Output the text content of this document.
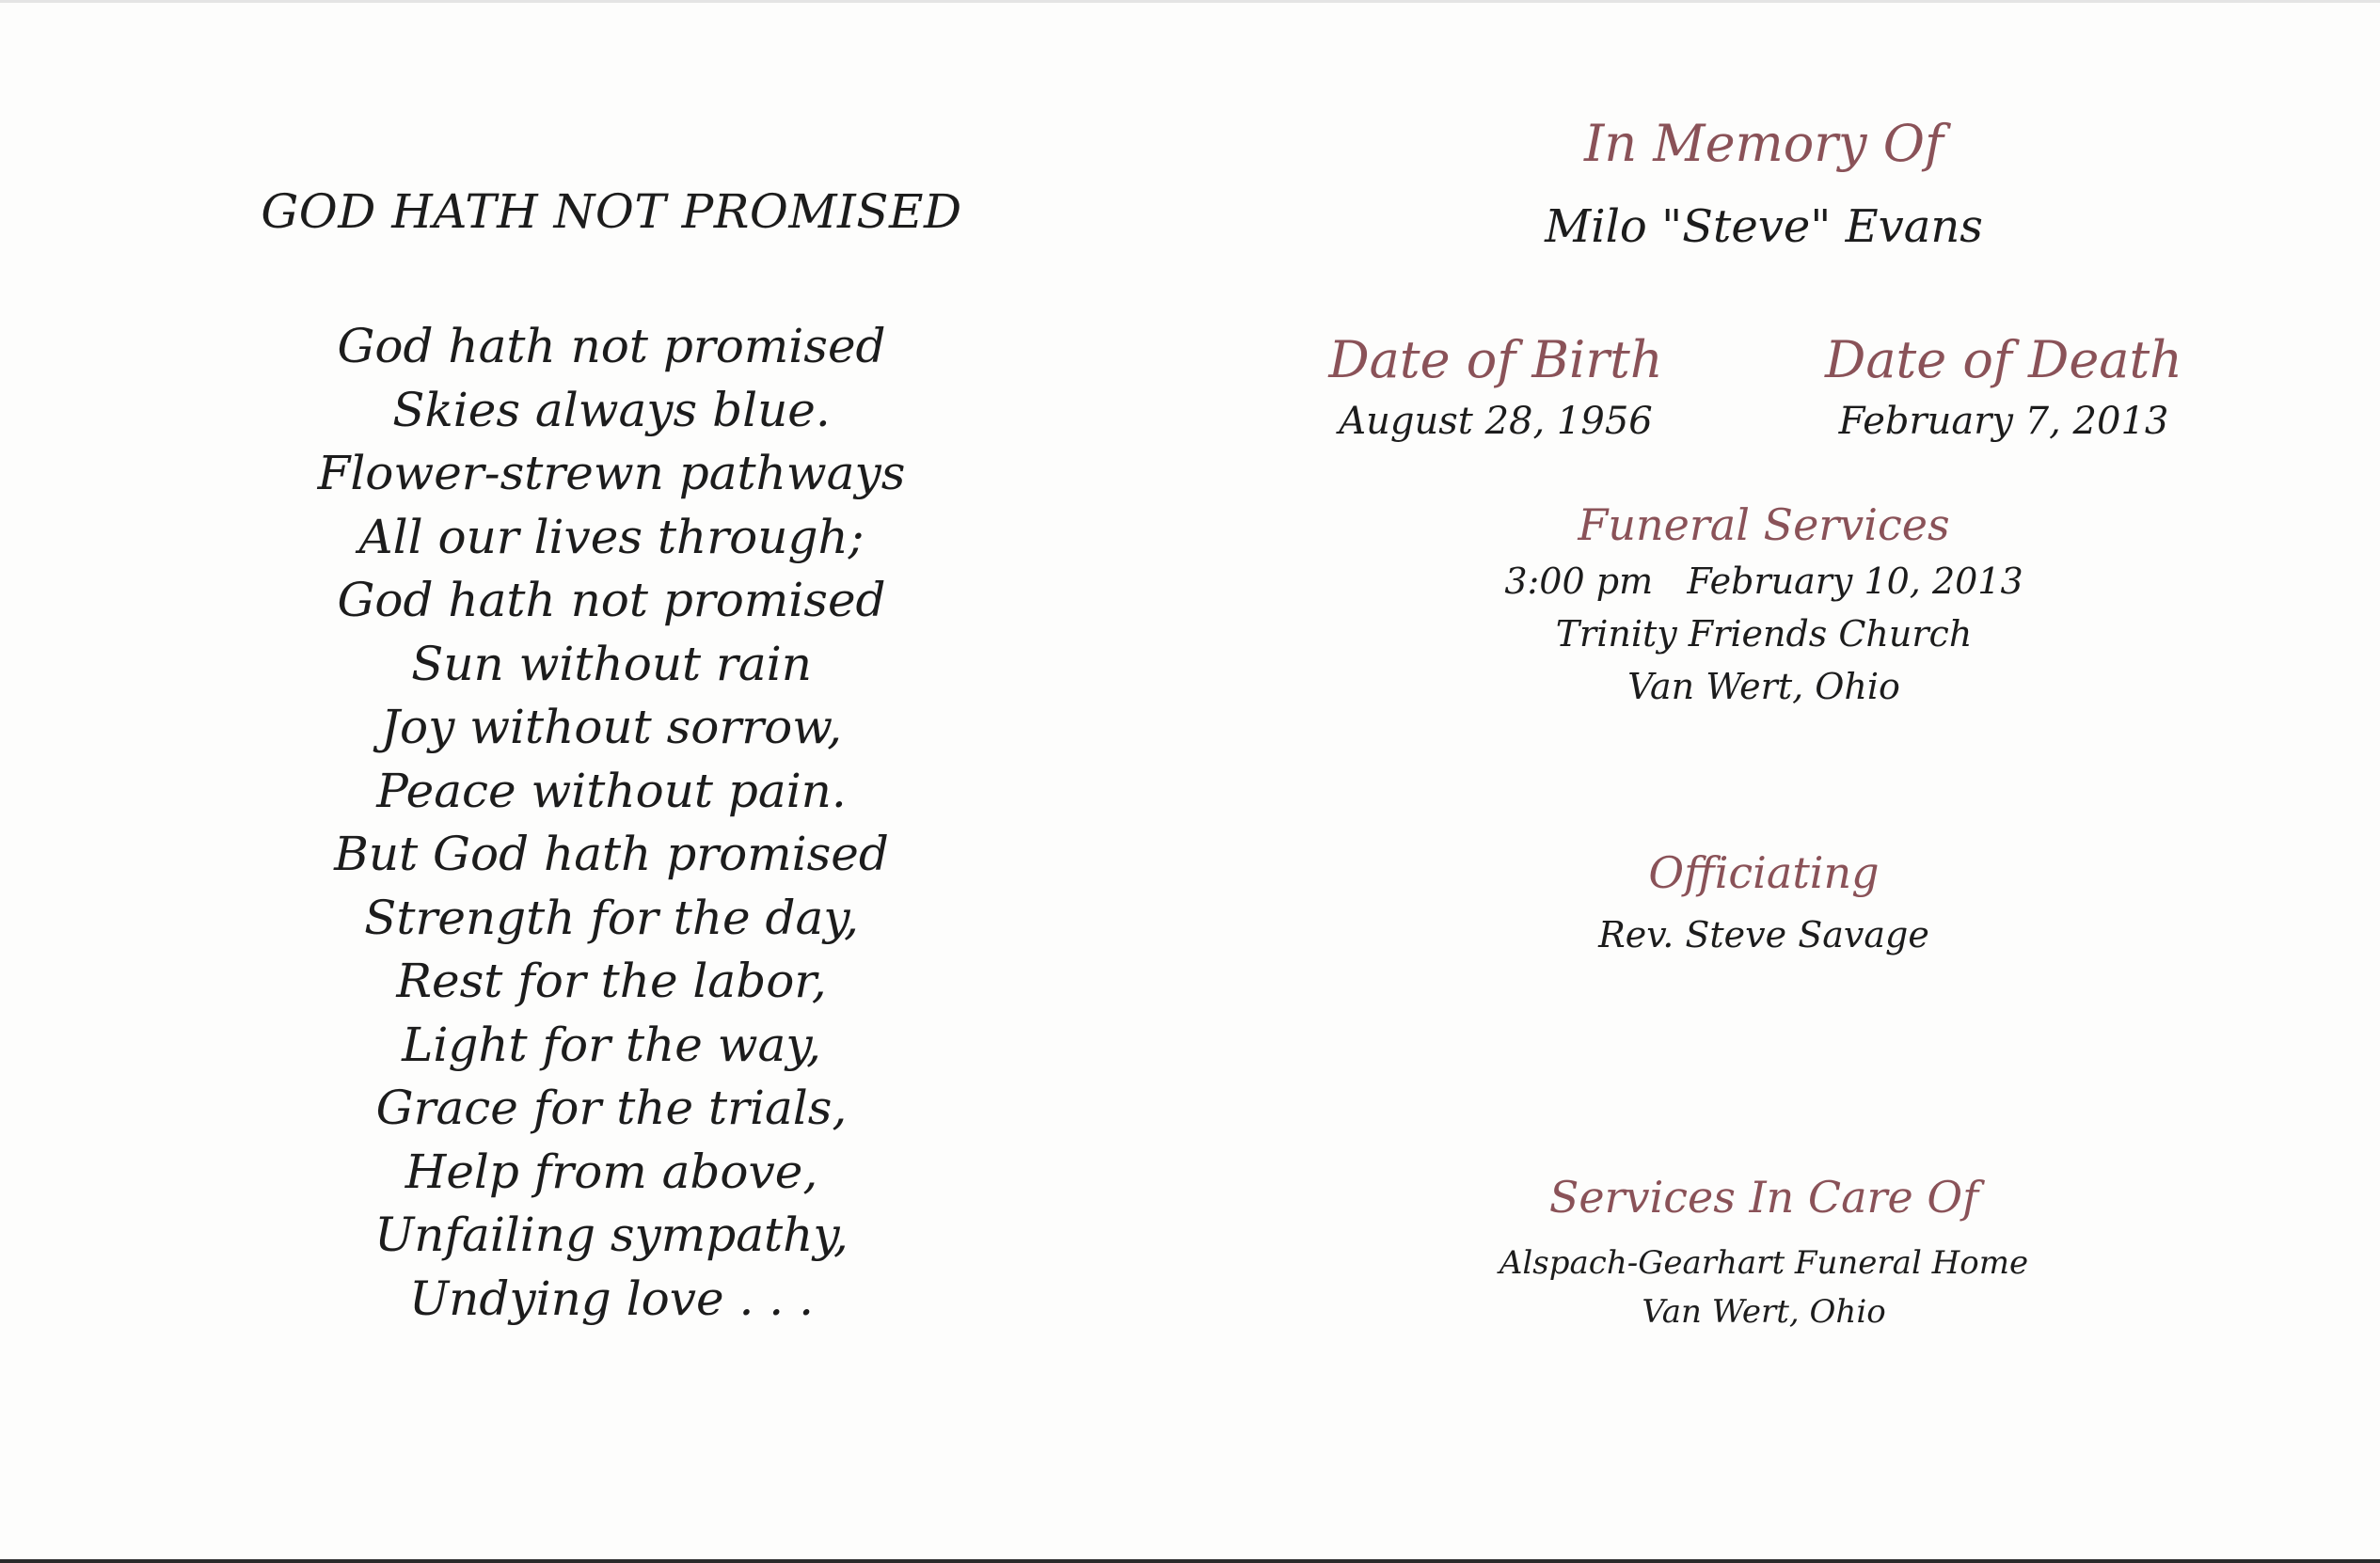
GOD HATH NOT PROMISED
God hath not promised
Skies always blue.
Flower-strewn pathways
All our lives through;
God hath not promised
Sun without rain
Joy without sorrow,
Peace without pain.
But God hath promised
Strength for the day,
Rest for the labor,
Light for the way,
Grace for the trials,
Help from above,
Unfailing sympathy,
Undying love . . .
In Memory Of

Milo "Steve" Evans

Date of Birth
August 28, 1956
Date of Death
February 7, 2013
Funeral Services
3:00 pm   February 10, 2013
Trinity Friends Church
Van Wert, Ohio
Officiating
Rev. Steve Savage
Services In Care Of
Alspach-Gearhart Funeral Home
Van Wert, Ohio
